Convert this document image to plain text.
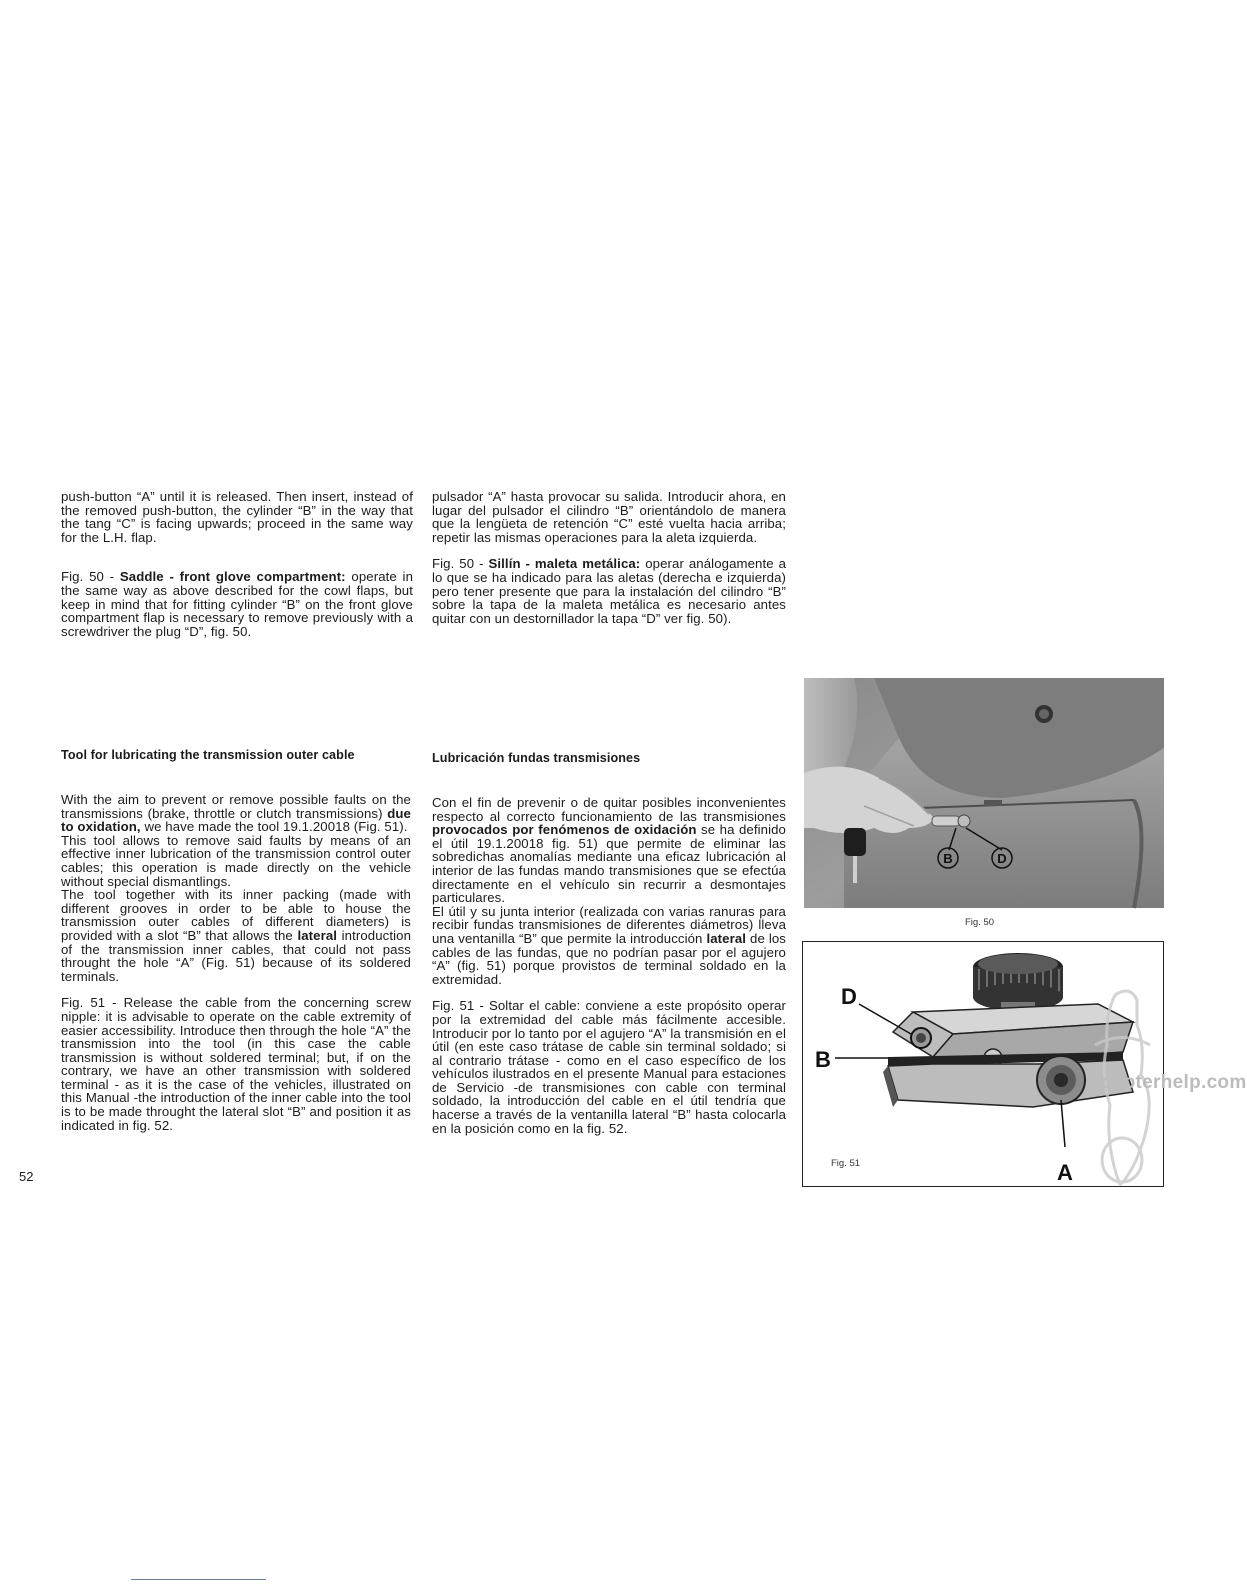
push-button “A” until it is released. Then insert, instead of the removed push-button, the cylinder “B” in the way that the tang “C” is facing upwards; proceed in the same way for the L.H. flap.

Fig. 50 - Saddle - front glove compartment: operate in the same way as above described for the cowl flaps, but keep in mind that for fitting cylinder “B” on the front glove compartment flap is necessary to remove previously with a screwdriver the plug “D”, fig. 50.

Tool for lubricating the transmission outer cable

With the aim to prevent or remove possible faults on the transmissions (brake, throttle or clutch transmissions) due to oxidation, we have made the tool 19.1.20018 (Fig. 51).

This tool allows to remove said faults by means of an effective inner lubrication of the transmission control outer cables; this operation is made directly on the vehicle without special dismantlings.

The tool together with its inner packing (made with different grooves in order to be able to house the transmission outer cables of different diameters) is provided with a slot “B” that allows the lateral introduction of the transmission inner cables, that could not pass throught the hole “A” (Fig. 51) because of its soldered terminals.

Fig. 51 - Release the cable from the concerning screw nipple: it is advisable to operate on the cable extremity of easier accessibility. Introduce then through the hole “A” the transmission into the tool (in this case the cable transmission is without soldered terminal; but, if on the contrary, we have an other transmission with soldered terminal - as it is the case of the vehicles, illustrated on this Manual -the introduction of the inner cable into the tool is to be made throught the lateral slot “B” and position it as indicated in fig. 52.

52

pulsador “A” hasta provocar su salida. Introducir ahora, en lugar del pulsador el cilindro “B” orientándolo de manera que la lengüeta de retención “C” esté vuelta hacia arriba; repetir las mismas operaciones para la aleta izquierda.

Fig. 50 - Sillín - maleta metálica: operar análogamente a lo que se ha indicado para las aletas (derecha e izquierda) pero tener presente que para la instalación del cilindro “B” sobre la tapa de la maleta metálica es necesario antes quitar con un destornillador la tapa “D” ver fig. 50).

Lubricación fundas transmisiones

Con el fin de prevenir o de quitar posibles inconvenientes respecto al correcto funcionamiento de las transmisiones provocados por fenómenos de oxidación se ha definido el útil 19.1.20018 fig. 51) que permite de eliminar las sobredichas anomalías mediante una eficaz lubricación al interior de las fundas mando transmisiones que se efectúa directamente en el vehículo sin recurrir a desmontajes particulares.

El útil y su junta interior (realizada con varias ranuras para recibir fundas transmisiones de diferentes diámetros) lleva una ventanilla “B” que permite la introducción lateral de los cables de las fundas, que no podrían pasar por el agujero “A” (fig. 51) porque provistos de terminal soldado en la extremidad.

Fig. 51 - Soltar el cable: conviene a este propósito operar por la extremidad del cable más fácilmente accesible. Introducir por lo tanto por el agujero “A” la transmisión en el útil (en este caso trátase de cable sin terminal soldado; si al contrario trátase - como en el caso específico de los vehículos ilustrados en el presente Manual para estaciones de Servicio -de transmisiones con cable con terminal soldado, la introducción del cable en el útil tendría que hacerse a través de la ventanilla lateral “B” hasta colocarla en la posición como en la fig. 52.

B	D
Fig. 50
D
B
A
Fig. 51
scooterhelp.com
